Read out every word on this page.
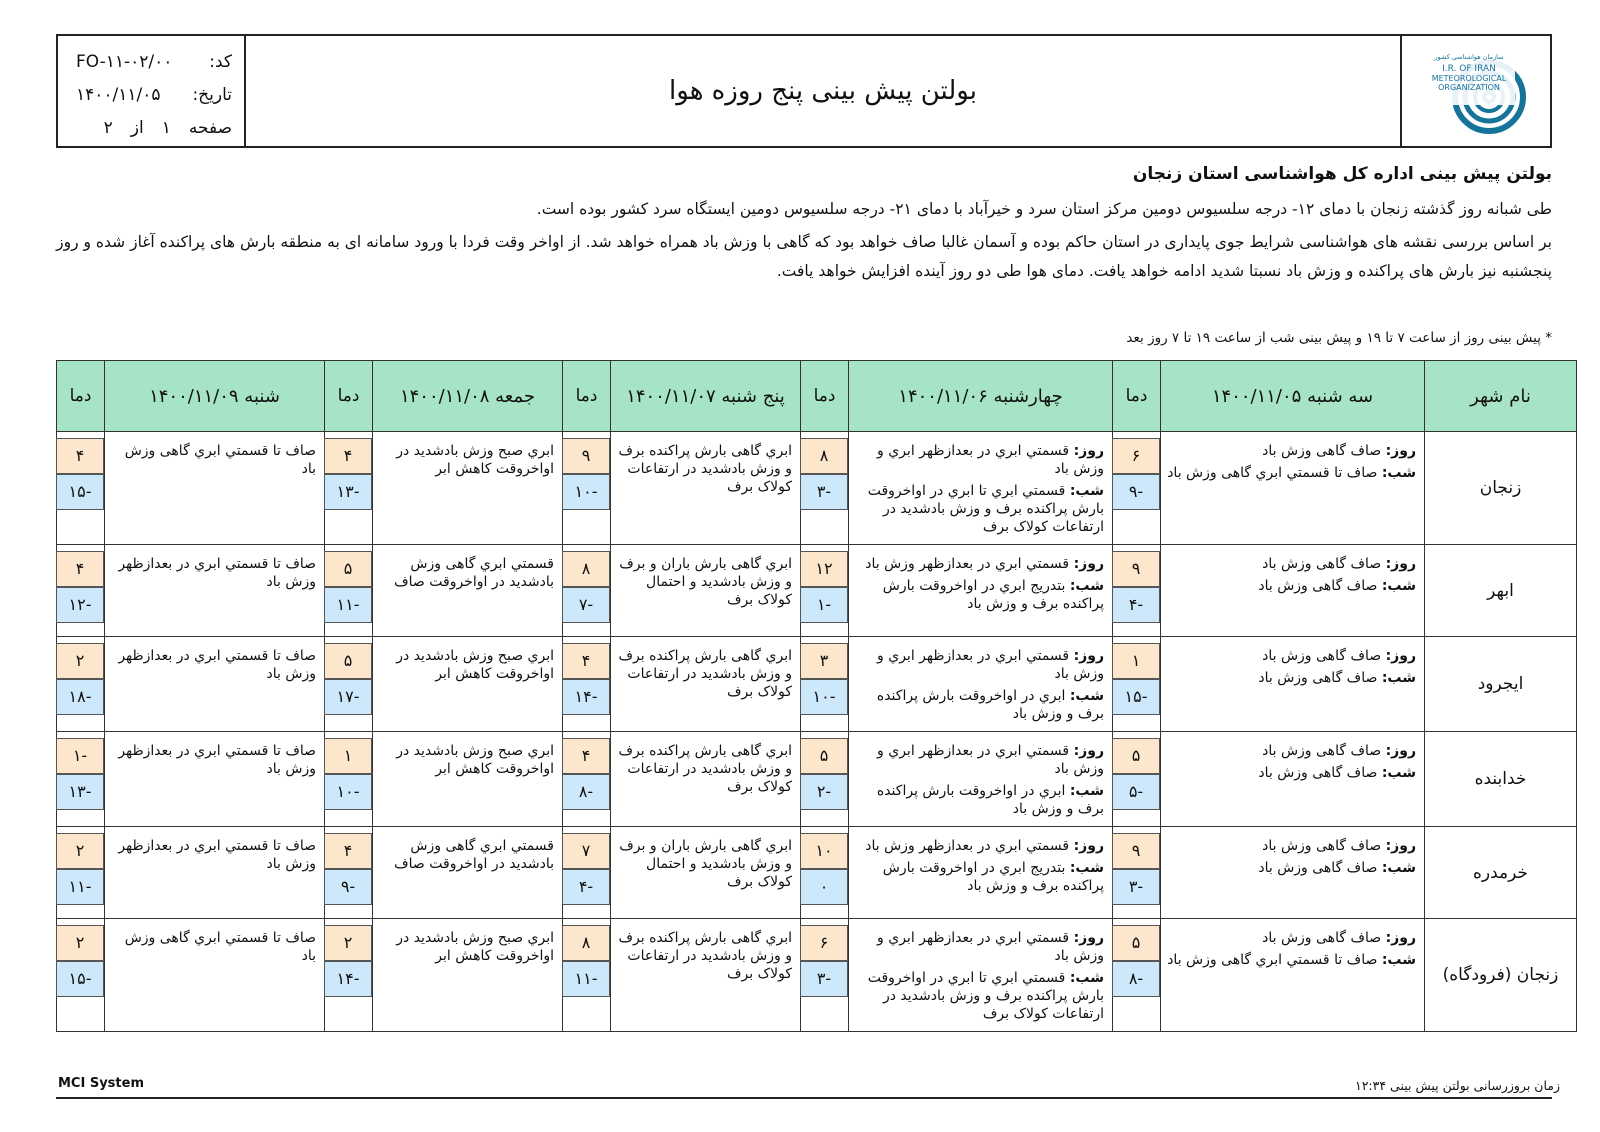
FO-۱۱-۰۲/۰۰ کد:
۱۴۰۰/۱۱/۰۵ تاریخ:
صفحه
۱
از
۲
بولتن پیش بینی پنج روزه هوا
سازمان هواشناسی کشور
I.R. OF IRAN
METEOROLOGICAL
ORGANIZATION
بولتن پیش بینی اداره کل هواشناسی استان زنجان
طی شبانه روز گذشته زنجان با دمای ۱۲- درجه سلسیوس دومین مرکز استان سرد و خیرآباد با دمای ۲۱- درجه سلسیوس دومین ایستگاه سرد کشور بوده است.
بر اساس بررسی نقشه های هواشناسی شرایط جوی پایداری در استان حاکم بوده و آسمان غالبا صاف خواهد بود که گاهی با وزش باد همراه خواهد شد. از اواخر وقت فردا با ورود سامانه ای به منطقه بارش های پراکنده آغاز شده و روز پنجشنبه نیز بارش های پراکنده و وزش باد نسبتا شدید ادامه خواهد یافت. دمای هوا طی دو روز آینده افزایش خواهد یافت.
* پیش بینی روز از ساعت ۷ تا ۱۹ و پیش بینی شب از ساعت ۱۹ تا ۷ روز بعد
نام شهر	سه شنبه ۱۴۰۰/۱۱/۰۵	دما	چهارشنبه ۱۴۰۰/۱۱/۰۶	دما	پنج شنبه ۱۴۰۰/۱۱/۰۷	دما	جمعه ۱۴۰۰/۱۱/۰۸	دما	شنبه ۱۴۰۰/۱۱/۰۹	دما
زنجان	روز: صاف گاهی وزش باد
شب: صاف تا قسمتي ابري گاهی وزش باد	۶
-۹	روز: قسمتي ابري در بعدازظهر ابري و وزش باد
شب: قسمتي ابري تا ابري در اواخروقت بارش پراکنده برف و وزش بادشدید در ارتفاعات کولاک برف	۸
-۳	ابري گاهی بارش پراکنده برف و وزش بادشدید در ارتفاعات کولاک برف	۹
-۱۰	ابري صبح وزش بادشدید در اواخروقت کاهش ابر	۴
-۱۳	صاف تا قسمتي ابري گاهی وزش باد	۴
-۱۵

ابهر	روز: صاف گاهی وزش باد
شب: صاف گاهی وزش باد	۹
-۴	روز: قسمتي ابري در بعدازظهر وزش باد
شب: بتدریج ابري در اواخروقت بارش پراکنده برف و وزش باد	۱۲
-۱	ابري گاهی بارش باران و برف و وزش بادشدید و احتمال کولاک برف	۸
-۷	قسمتي ابري گاهی وزش بادشدید در اواخروقت صاف	۵
-۱۱	صاف تا قسمتي ابري در بعدازظهر وزش باد	۴
-۱۲

ایجرود	روز: صاف گاهی وزش باد
شب: صاف گاهی وزش باد	۱
-۱۵	روز: قسمتي ابري در بعدازظهر ابري و وزش باد
شب: ابري در اواخروقت بارش پراکنده برف و وزش باد	۳
-۱۰	ابري گاهی بارش پراکنده برف و وزش بادشدید در ارتفاعات کولاک برف	۴
-۱۴	ابري صبح وزش بادشدید در اواخروقت کاهش ابر	۵
-۱۷	صاف تا قسمتي ابري در بعدازظهر وزش باد	۲
-۱۸

خدابنده	روز: صاف گاهی وزش باد
شب: صاف گاهی وزش باد	۵
-۵	روز: قسمتي ابري در بعدازظهر ابري و وزش باد
شب: ابري در اواخروقت بارش پراکنده برف و وزش باد	۵
-۲	ابري گاهی بارش پراکنده برف و وزش بادشدید در ارتفاعات کولاک برف	۴
-۸	ابري صبح وزش بادشدید در اواخروقت کاهش ابر	۱
-۱۰	صاف تا قسمتي ابري در بعدازظهر وزش باد	-۱
-۱۳

خرمدره	روز: صاف گاهی وزش باد
شب: صاف گاهی وزش باد	۹
-۳	روز: قسمتي ابري در بعدازظهر وزش باد
شب: بتدریج ابري در اواخروقت بارش پراکنده برف و وزش باد	۱۰
۰	ابري گاهی بارش باران و برف و وزش بادشدید و احتمال کولاک برف	۷
-۴	قسمتي ابري گاهی وزش بادشدید در اواخروقت صاف	۴
-۹	صاف تا قسمتي ابري در بعدازظهر وزش باد	۲
-۱۱

زنجان (فرودگاه)	روز: صاف گاهی وزش باد
شب: صاف تا قسمتي ابري گاهی وزش باد	۵
-۸	روز: قسمتي ابري در بعدازظهر ابري و وزش باد
شب: قسمتي ابري تا ابري در اواخروقت بارش پراکنده برف و وزش بادشدید در ارتفاعات کولاک برف	۶
-۳	ابري گاهی بارش پراکنده برف و وزش بادشدید در ارتفاعات کولاک برف	۸
-۱۱	ابري صبح وزش بادشدید در اواخروقت کاهش ابر	۲
-۱۴	صاف تا قسمتي ابري گاهی وزش باد	۲
-۱۵
MCI System	زمان بروزرسانی بولتن پیش بینی ۱۲:۳۴
